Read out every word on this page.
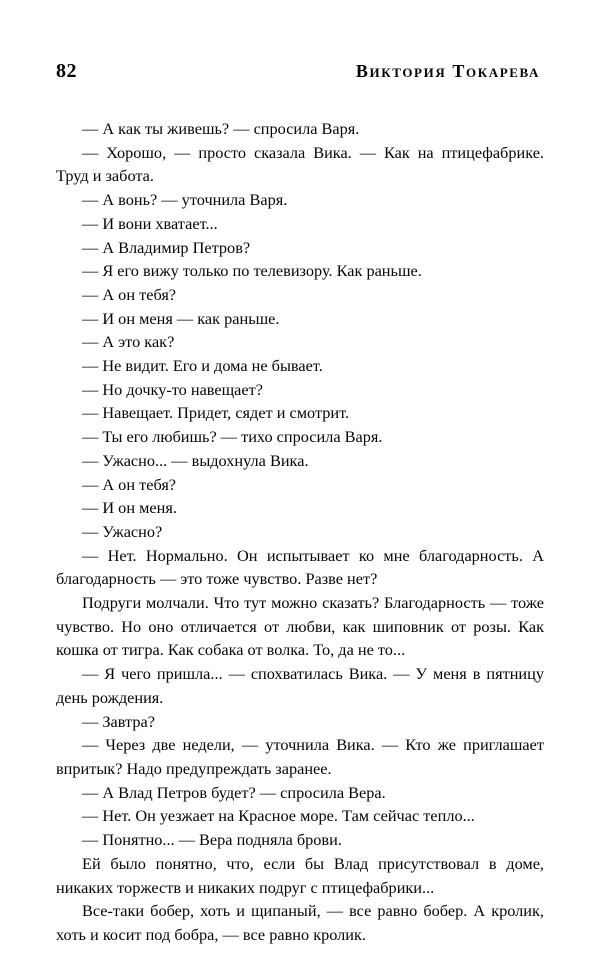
82	Виктория Токарева

— А как ты живешь? — спросила Варя.

— Хорошо, — просто сказала Вика. — Как на птицефабрике. Труд и забота.

— А вонь? — уточнила Варя.

— И вони хватает...

— А Владимир Петров?

— Я его вижу только по телевизору. Как раньше.

— А он тебя?

— И он меня — как раньше.

— А это как?

— Не видит. Его и дома не бывает.

— Но дочку-то навещает?

— Навещает. Придет, сядет и смотрит.

— Ты его любишь? — тихо спросила Варя.

— Ужасно... — выдохнула Вика.

— А он тебя?

— И он меня.

— Ужасно?

— Нет. Нормально. Он испытывает ко мне благодарность. А благодарность — это тоже чувство. Разве нет?

Подруги молчали. Что тут можно сказать? Благодарность — тоже чувство. Но оно отличается от любви, как шиповник от розы. Как кошка от тигра. Как собака от волка. То, да не то...

— Я чего пришла... — спохватилась Вика. — У меня в пятницу день рождения.

— Завтра?

— Через две недели, — уточнила Вика. — Кто же приглашает впритык? Надо предупреждать заранее.

— А Влад Петров будет? — спросила Вера.

— Нет. Он уезжает на Красное море. Там сейчас тепло...

— Понятно... — Вера подняла брови.

Ей было понятно, что, если бы Влад присутствовал в доме, никаких торжеств и никаких подруг с птицефабрики...

Все-таки бобер, хоть и щипаный, — все равно бобер. А кролик, хоть и косит под бобра, — все равно кролик.
